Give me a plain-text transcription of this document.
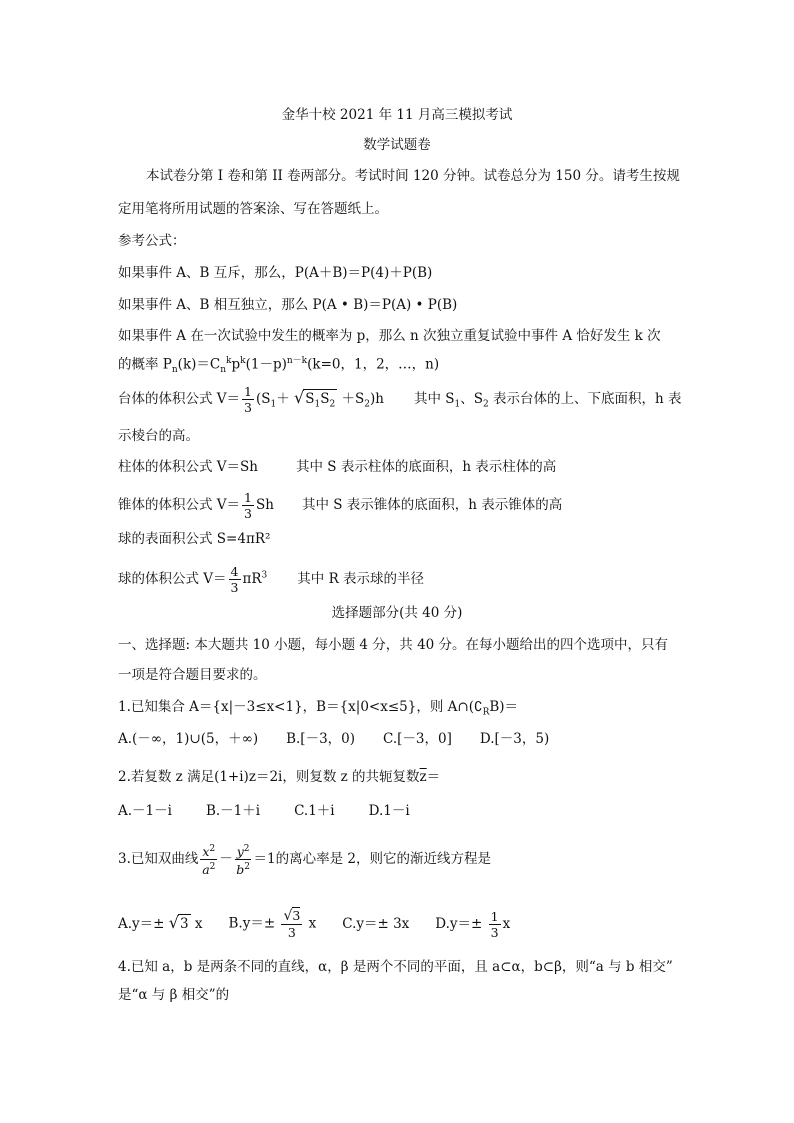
金华十校 2021 年 11 月高三模拟考试
数学试题卷
本试卷分第 I 卷和第 II 卷两部分。考试时间 120 分钟。试卷总分为 150 分。请考生按规
定用笔将所用试题的答案涂、写在答题纸上。
参考公式：
如果事件 A、B 互斥，那么，P(A＋B)＝P(4)＋P(B)
如果事件 A、B 相互独立，那么 P(A • B)＝P(A) • P(B)
如果事件 A 在一次试验中发生的概率为 p，那么 n 次独立重复试验中事件 A 恰好发生 k 次
的概率 $P_n(k)=C_n^kp^k(1-p)^{n-k}(k=0$，1，2，…，n)
台体的体积公式 $V= \frac{1}{3} (S_1+ √S_1S_2 +S_2)h$ 其中 $S_1$、$S_2$ 表示台体的上、下底面积，h 表
示棱台的高。
柱体的体积公式 V＝Sh	其中 S 表示柱体的底面积，h 表示柱体的高
锥体的体积公式 $V= \frac{1}{3}$ Sh 其中 S 表示锥体的底面积，h 表示锥体的高
球的表面积公式 S=4πR²
球的体积公式 $V= \frac{4}{3} \pi R^3$ 其中 R 表示球的半径
选择题部分(共 40 分)
一、选择题: 本大题共 10 小题，每小题 4 分，共 40 分。在每小题给出的四个选项中，只有
一项是符合题目要求的。
1.已知集合 A＝{x|－3≤x<1}，B＝{x|0<x≤5}，则 $A\cap(∁_RB)=$
A.(－∞，1)∪(5，＋∞) B.[－3，0) C.[－3，0] D.[－3，5)
2.若复数 z 满足(1+i)z＝2i，则复数 z 的共轭复数$\overline{z}=$
A.－1－i	B.－1＋i	C.1＋i	D.1－i
3.已知双曲线 $\frac{x^2}{a^2} - \frac{y^2}{b^2} =1$的离心率是 2，则它的渐近线方程是
A.y＝± √3 x $B.y=\pm \frac{√3}{3}$ x C.y＝± 3x $D.y=\pm \frac{1}{3}$ x
4.已知 a，b 是两条不同的直线，α，β 是两个不同的平面，且 a⊂α，b⊂β，则“a 与 b 相交”
是“α 与 β 相交”的
